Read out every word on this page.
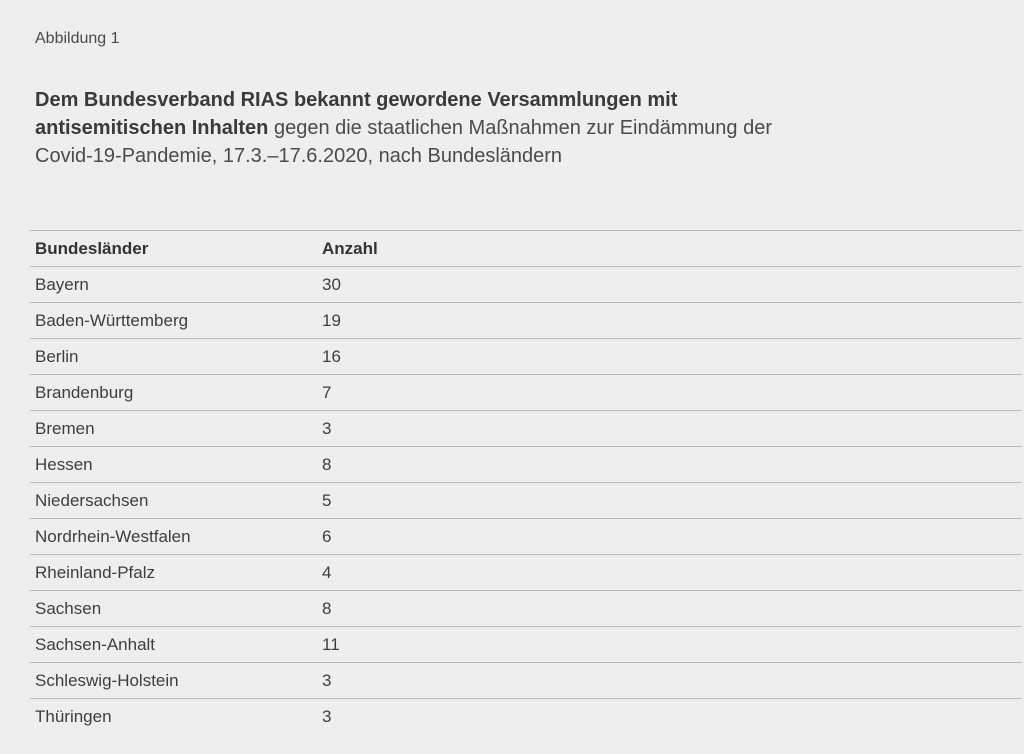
Abbildung 1

Dem Bundesverband RIAS bekannt gewordene Versammlungen mit antisemitischen Inhalten gegen die staatlichen Maßnahmen zur Eindämmung der Covid-19-Pandemie, 17.3.–17.6.2020, nach Bundesländern

Bundesländer	Anzahl
Bayern	30
Baden-Württemberg	19
Berlin	16
Brandenburg	7
Bremen	3
Hessen	8
Niedersachsen	5
Nordrhein-Westfalen	6
Rheinland-Pfalz	4
Sachsen	8
Sachsen-Anhalt	11
Schleswig-Holstein	3
Thüringen	3
